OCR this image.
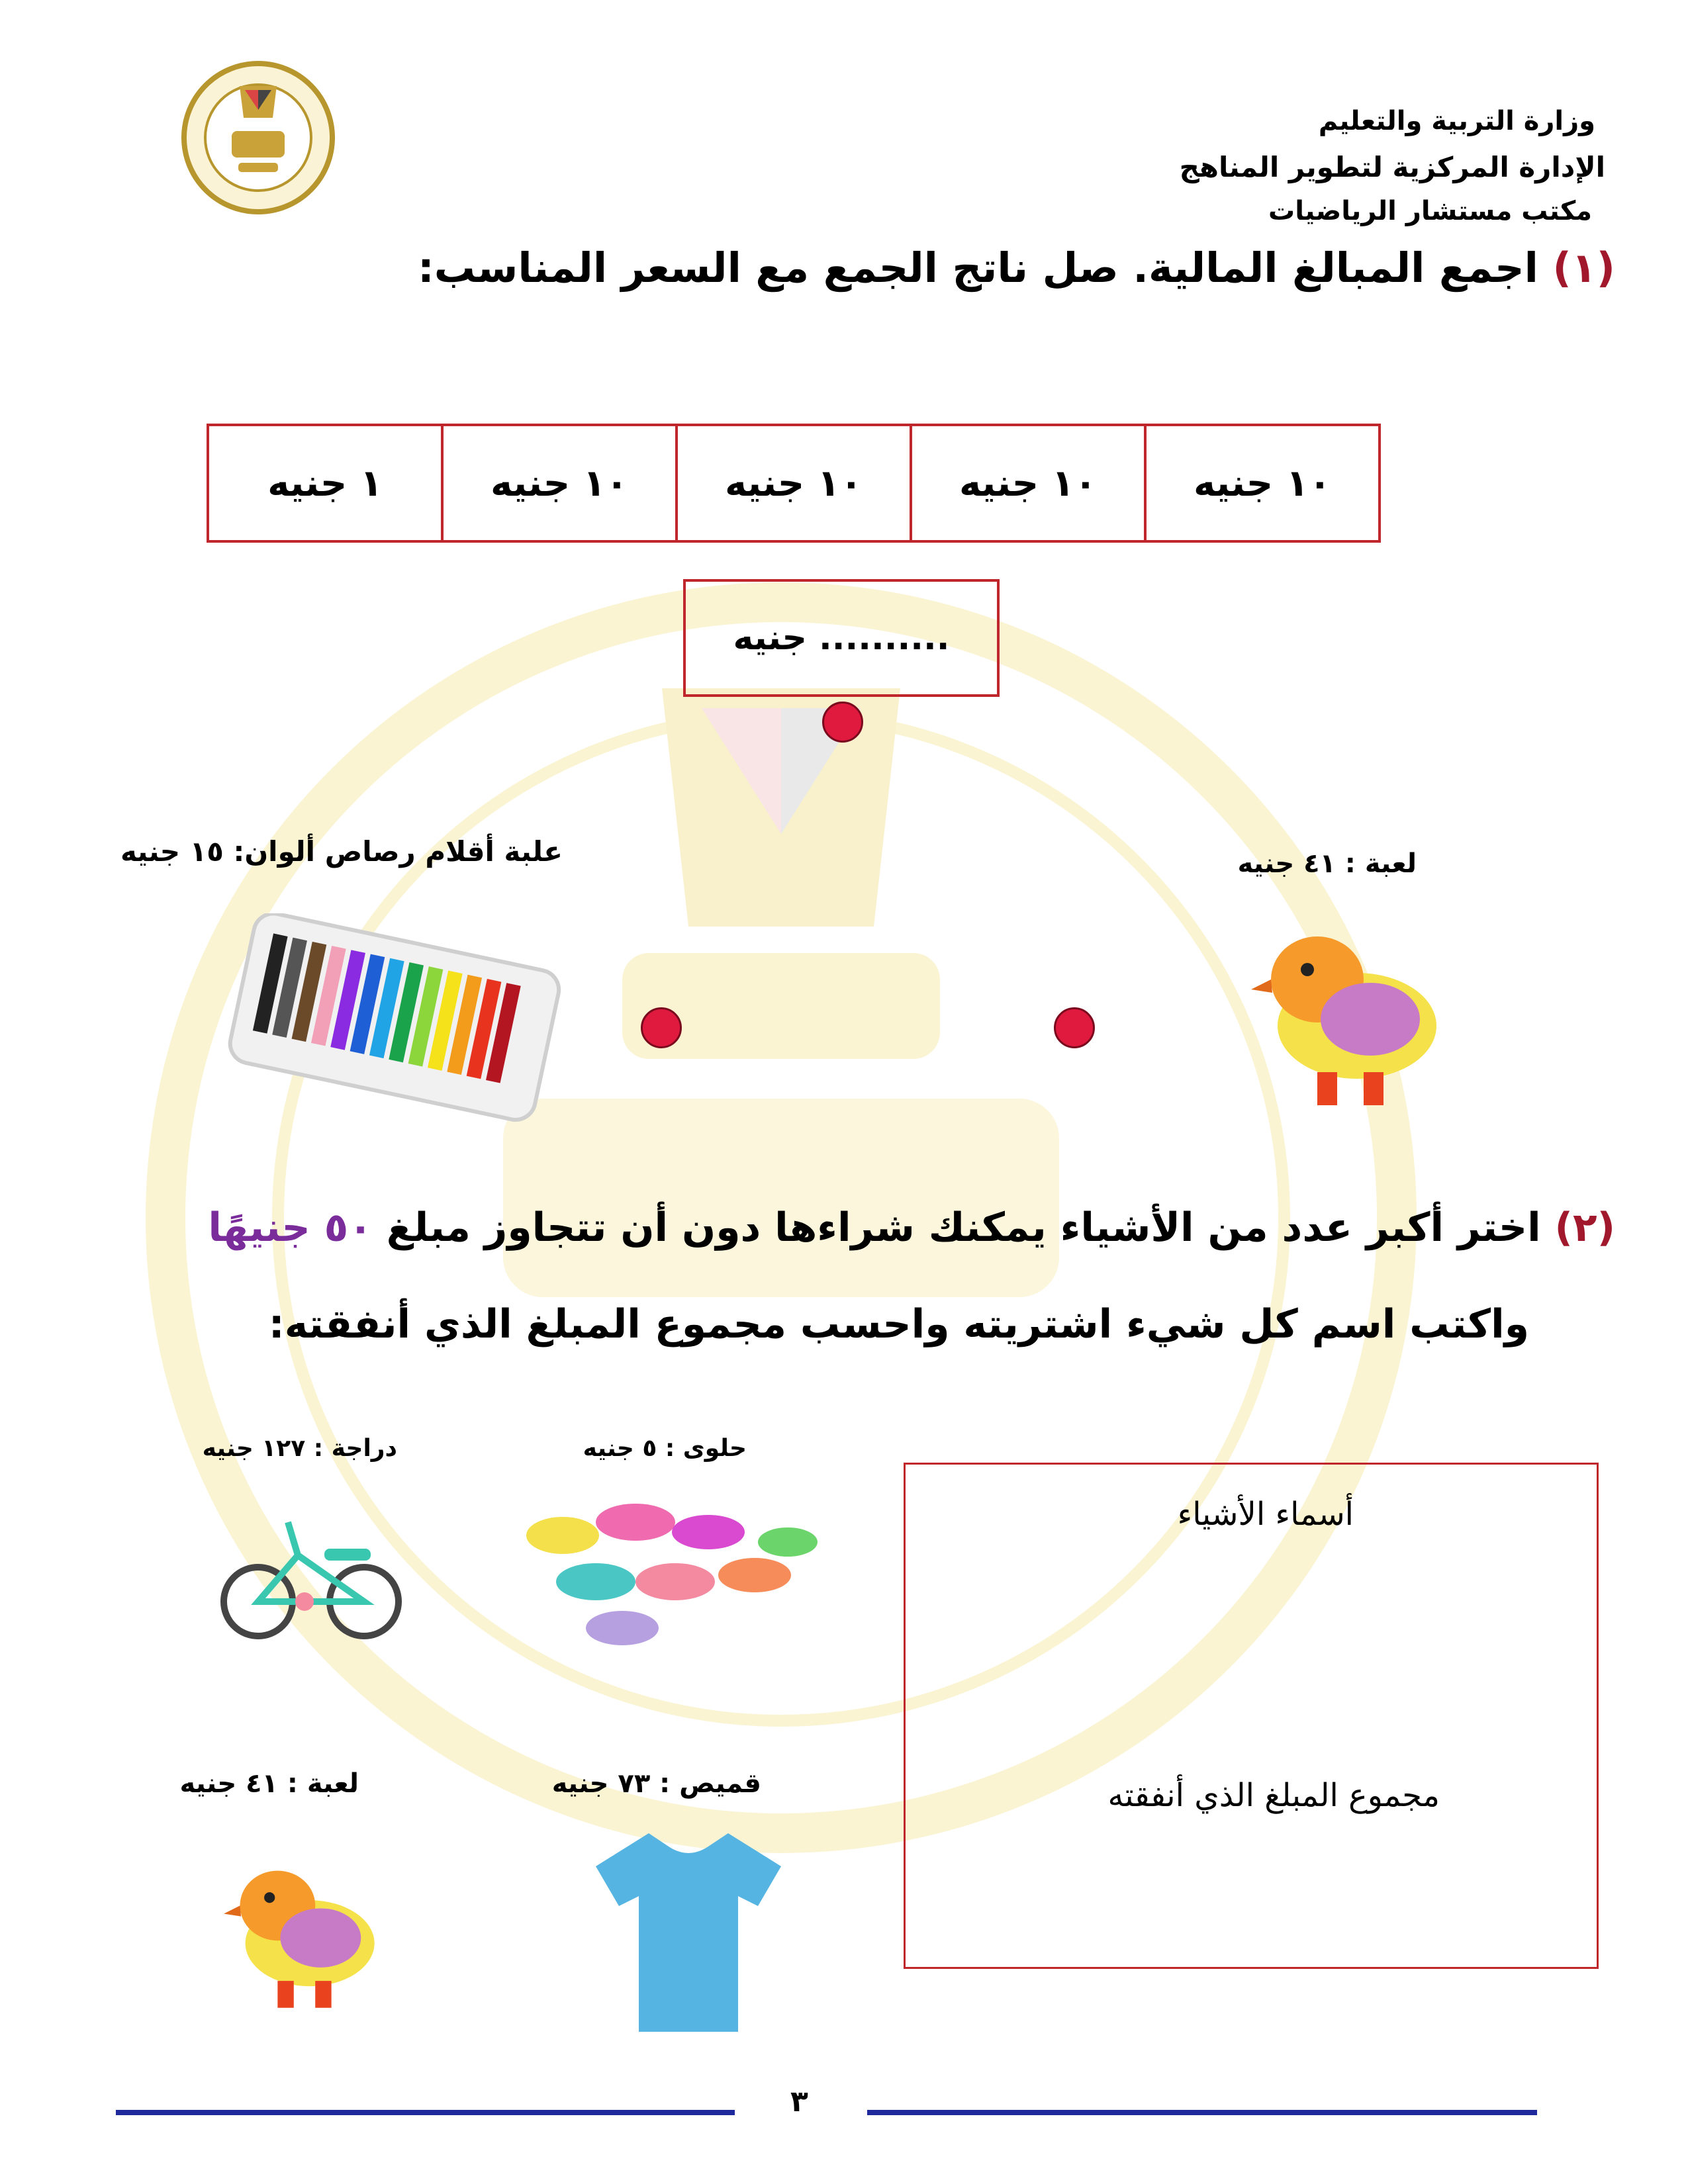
وزارة التربية والتعليم
الإدارة المركزية لتطوير المناهج
مكتب مستشار الرياضيات
(١) اجمع المبالغ المالية. صل ناتج الجمع مع السعر المناسب:
١٠ جنيه
١٠ جنيه
١٠ جنيه
١٠ جنيه
١ جنيه
.......... جنيه
علبة أقلام رصاص ألوان: ١٥ جنيه	لعبة : ٤١ جنيه
(٢) اختر أكبر عدد من الأشياء يمكنك شراءها دون أن تتجاوز مبلغ ٥٠ جنيهًا
واكتب اسم كل شيء اشتريته واحسب مجموع المبلغ الذي أنفقته:
حلوى : ٥ جنيه
دراجة : ١٢٧ جنيه
قميص : ٧٣ جنيه
لعبة : ٤١ جنيه
أسماء الأشياء
مجموع المبلغ الذي أنفقته
٣
